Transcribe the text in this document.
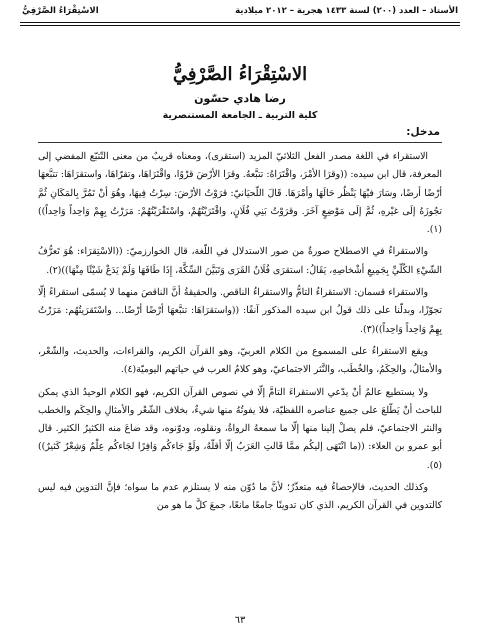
الأستاذ – العدد (٢٠٠) لسنة ١٤٣٣ هجرية – ٢٠١٢ ميلادية
الاسْتِقْرَاءُ الصَّرْفِيُّ
الاسْتِقْرَاءُ الصَّرْفِيُّ
رضا هادي حسّون
كلية التربية ـ الجامعة المستنصرية
مدخل:

الاستقراء في اللغة مصدر الفعل الثلاثيّ المزيد (استقرى)، ومعناه قريبٌ من معنى التّتبّع المفضي إلى المعرفة، قال ابن سيده: ((وقرَا الأمْرَ، واقْتَرَاهُ: تتبَّعهُ. وقرَا الأرْضَ قرْوًا، واقْتَرَاهَا، وتقرّاهَا، واستقرَاهَا: تتبَّعهَا أرْضًا أرضًا، وسَارَ فيْهَا يَنْظُر حَالَهَا وأمْرَهَا. قَالَ اللّحيَانيّ: قرَوْتُ الأرْضَ: سِرْتُ فِيهَا، وهُوَ أنْ تَمُرَّ بِالمَكَانِ ثُمَّ تجُوزَهُ إلَى غيْرهِ، ثُمَّ إلَى مَوْضِعٍ آخَرَ. وقرَوْتُ بَنِي فُلَانٍ، واقْتَرَيْتُهُمْ، واسْتَقْرَيْتُهُمْ: مَرَرْتُ بِهِمْ وَاحِداً وَاحِداً))(١).

والاستقراءُ في الاصطلاح صورةٌ من صور الاستدلال في اللّغة، قال الخوارزميّ: ((الاسْتِقرَاء: هُوَ تَعرُّفُ الشّيْءِ الكُلّيِّ بِجَمِيعِ أشْخاصِهِ، يَقَالُ: استقرَى فُلَانٌ القَرَى وَتَبَيَّنَ السِّكَّةَ، إِذَا طَافَهَا وَلَمْ يَدَعْ شَيْئًا مِنْهَا))(٢).

والاستقراء قسمان: الاستقراءُ التامُّ والاستقراءُ الناقص. والحقيقةُ أنَّ الناقصَ منهما لا يُسمّى استقراءً إلّا تجوّزًا، وبدلّنا على ذلك قولُ ابن سيده المذكور آنفًا: ((واستقرَاهَا: تتبَّعهَا أرْضًا أرْضًا... واسْتَقرَيتُهُم: مَرَرْتُ بِهِمْ وَاحِداً وَاحِداً))(٣).

ويقع الاستقراءُ على المسموع من الكلام العربيّ، وهو القرآن الكريم، والقراءات، والحديث، والشّعْر، والأمثالُ، والحِكَمُ، والخُطَب، والنَّثر الاجتماعيّ، وهو كلامُ العرب في حياتهم اليوميّة(٤).

ولا يستطيع عالمٌ أنْ يدّعي الاستقراءَ التامَّ إلّا في نصوص القرآن الكريم، فهو الكلام الوحيدُ الذي يمكن للباحث أنْ يَطّلعَ على جميع عناصره اللفظيّة، فلا يفوتُهُ منها شيءٌ، بخلاف الشّعْر والأمثالِ والحِكَم والخطب والنثر الاجتماعيّ، فلم يصلْ إلينا منها إلّا ما سمعهُ الرواةُ، ونقلوه، ودوّنوه، وقد ضاعَ منه الكثيرُ الكثير. قال أبو عمرو بن العلاء: ((ما انْتَهَى إليكُم ممَّا قَالتِ العَرَبُ إلّا أقلّهُ، ولَوْ جَاءكُم وَافِرًا لجَاءكُم عِلْمٌ وَشِعْرٌ كَثيرٌ))(٥).

وكذلك الحديث، فالإحصاءُ فيه متعذّرٌ؛ لأنَّ ما دُوّن منه لا يستلزم عدم ما سواه؛ فإنَّ التدوين فيه ليس كالتدوين في القرآن الكريم، الذي كان تدوينًا جامعًا مانعًا، جمعَ كلَّ ما هو من

٦٣
